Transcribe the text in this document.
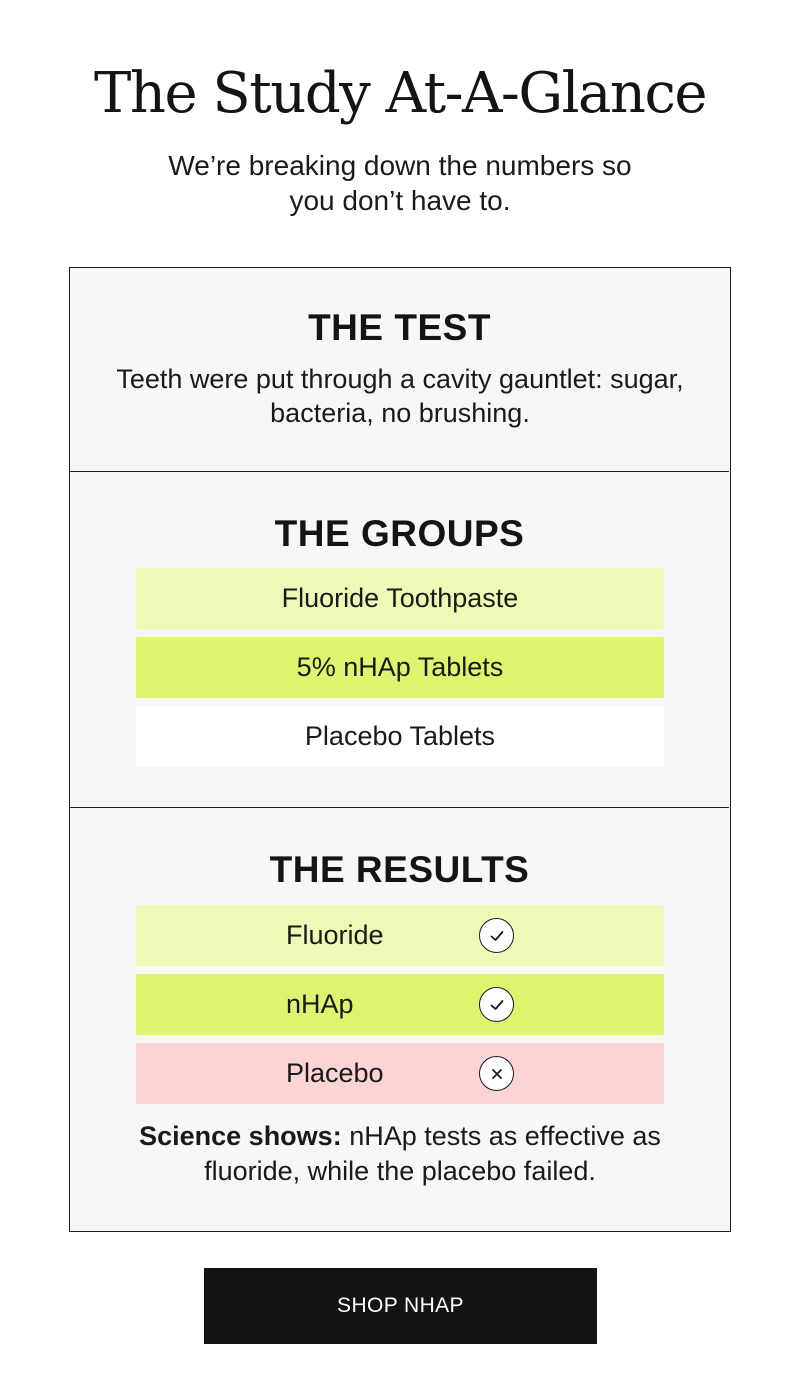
The Study At-A-Glance

We’re breaking down the numbers so you don’t have to.

THE TEST

Teeth were put through a cavity gauntlet: sugar, bacteria, no brushing.

THE GROUPS
Fluoride Toothpaste
5% nHAp Tablets
Placebo Tablets
THE RESULTS
Fluoride
nHAp
Placebo

Science shows: nHAp tests as effective as fluoride, while the placebo failed.

SHOP NHAP
